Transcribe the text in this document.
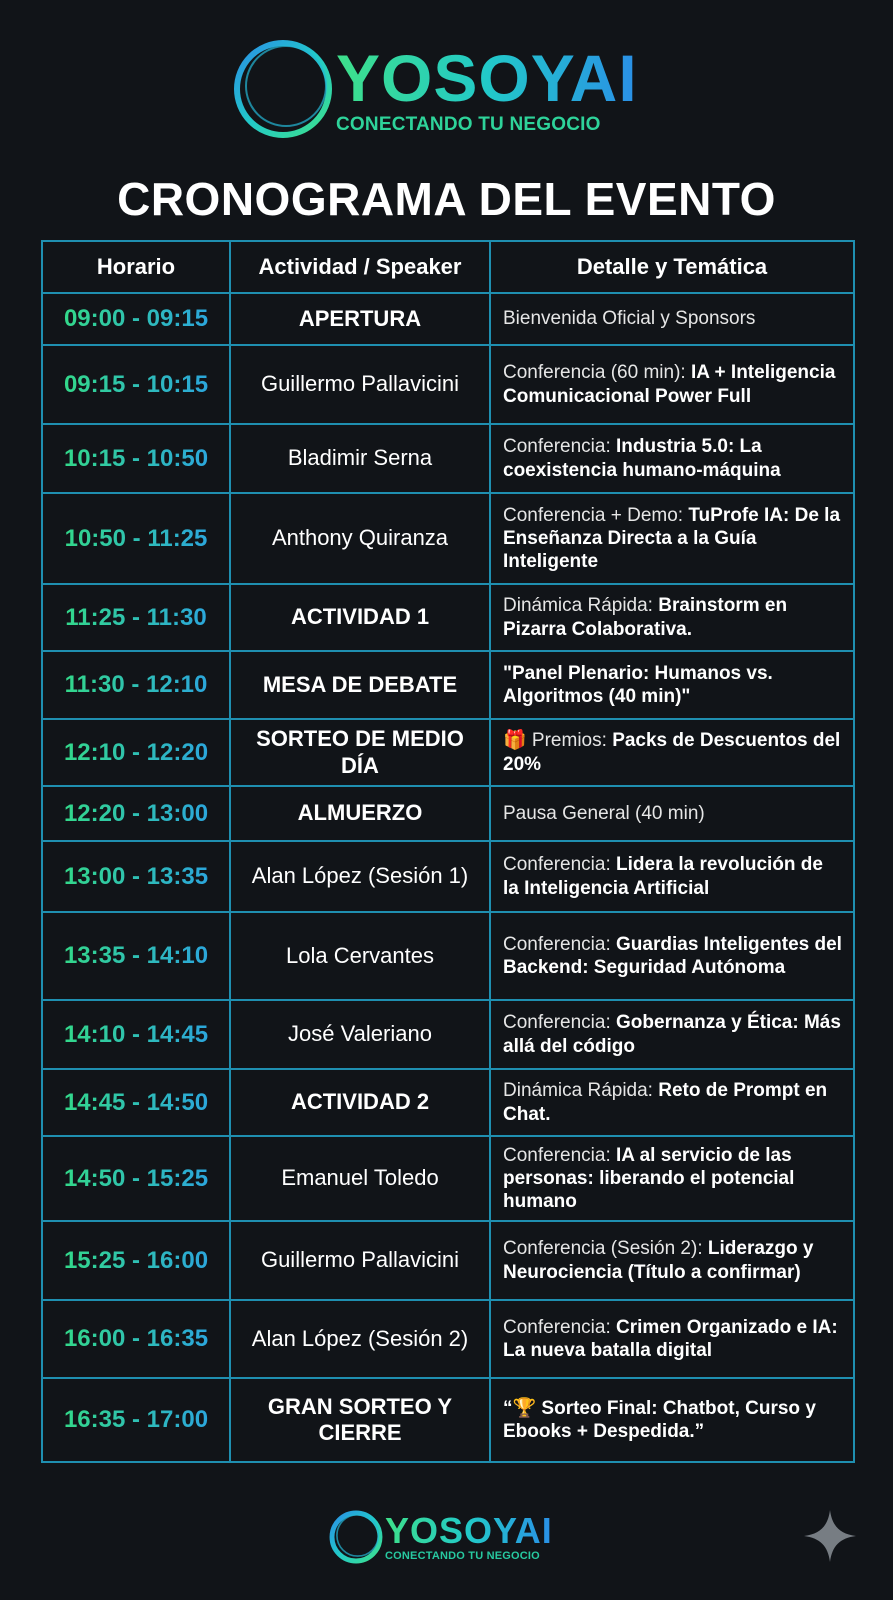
YOSOYAI
CONECTANDO TU NEGOCIO
CRONOGRAMA DEL EVENTO
Horario	Actividad / Speaker	Detalle y Temática
09:00 - 09:15	APERTURA	Bienvenida Oficial y Sponsors
09:15 - 10:15	Guillermo Pallavicini	Conferencia (60 min): IA + Inteligencia Comunicacional Power Full
10:15 - 10:50	Bladimir Serna	Conferencia: Industria 5.0: La coexistencia humano-máquina
10:50 - 11:25	Anthony Quiranza	Conferencia + Demo: TuProfe IA: De la Enseñanza Directa a la Guía Inteligente
11:25 - 11:30	ACTIVIDAD 1	Dinámica Rápida: Brainstorm en Pizarra Colaborativa.
11:30 - 12:10	MESA DE DEBATE	"Panel Plenario: Humanos vs. Algoritmos (40 min)"
12:10 - 12:20	SORTEO DE MEDIO DÍA	🎁 Premios: Packs de Descuentos del 20%
12:20 - 13:00	ALMUERZO	Pausa General (40 min)
13:00 - 13:35	Alan López (Sesión 1)	Conferencia: Lidera la revolución de la Inteligencia Artificial
13:35 - 14:10	Lola Cervantes	Conferencia: Guardias Inteligentes del Backend: Seguridad Autónoma
14:10 - 14:45	José Valeriano	Conferencia: Gobernanza y Ética: Más allá del código
14:45 - 14:50	ACTIVIDAD 2	Dinámica Rápida: Reto de Prompt en Chat.
14:50 - 15:25	Emanuel Toledo	Conferencia: IA al servicio de las personas: liberando el potencial humano
15:25 - 16:00	Guillermo Pallavicini	Conferencia (Sesión 2): Liderazgo y Neurociencia (Título a confirmar)
16:00 - 16:35	Alan López (Sesión 2)	Conferencia: Crimen Organizado e IA: La nueva batalla digital
16:35 - 17:00	GRAN SORTEO Y CIERRE	“🏆 Sorteo Final: Chatbot, Curso y Ebooks + Despedida.”
YOSOYAI
CONECTANDO TU NEGOCIO
